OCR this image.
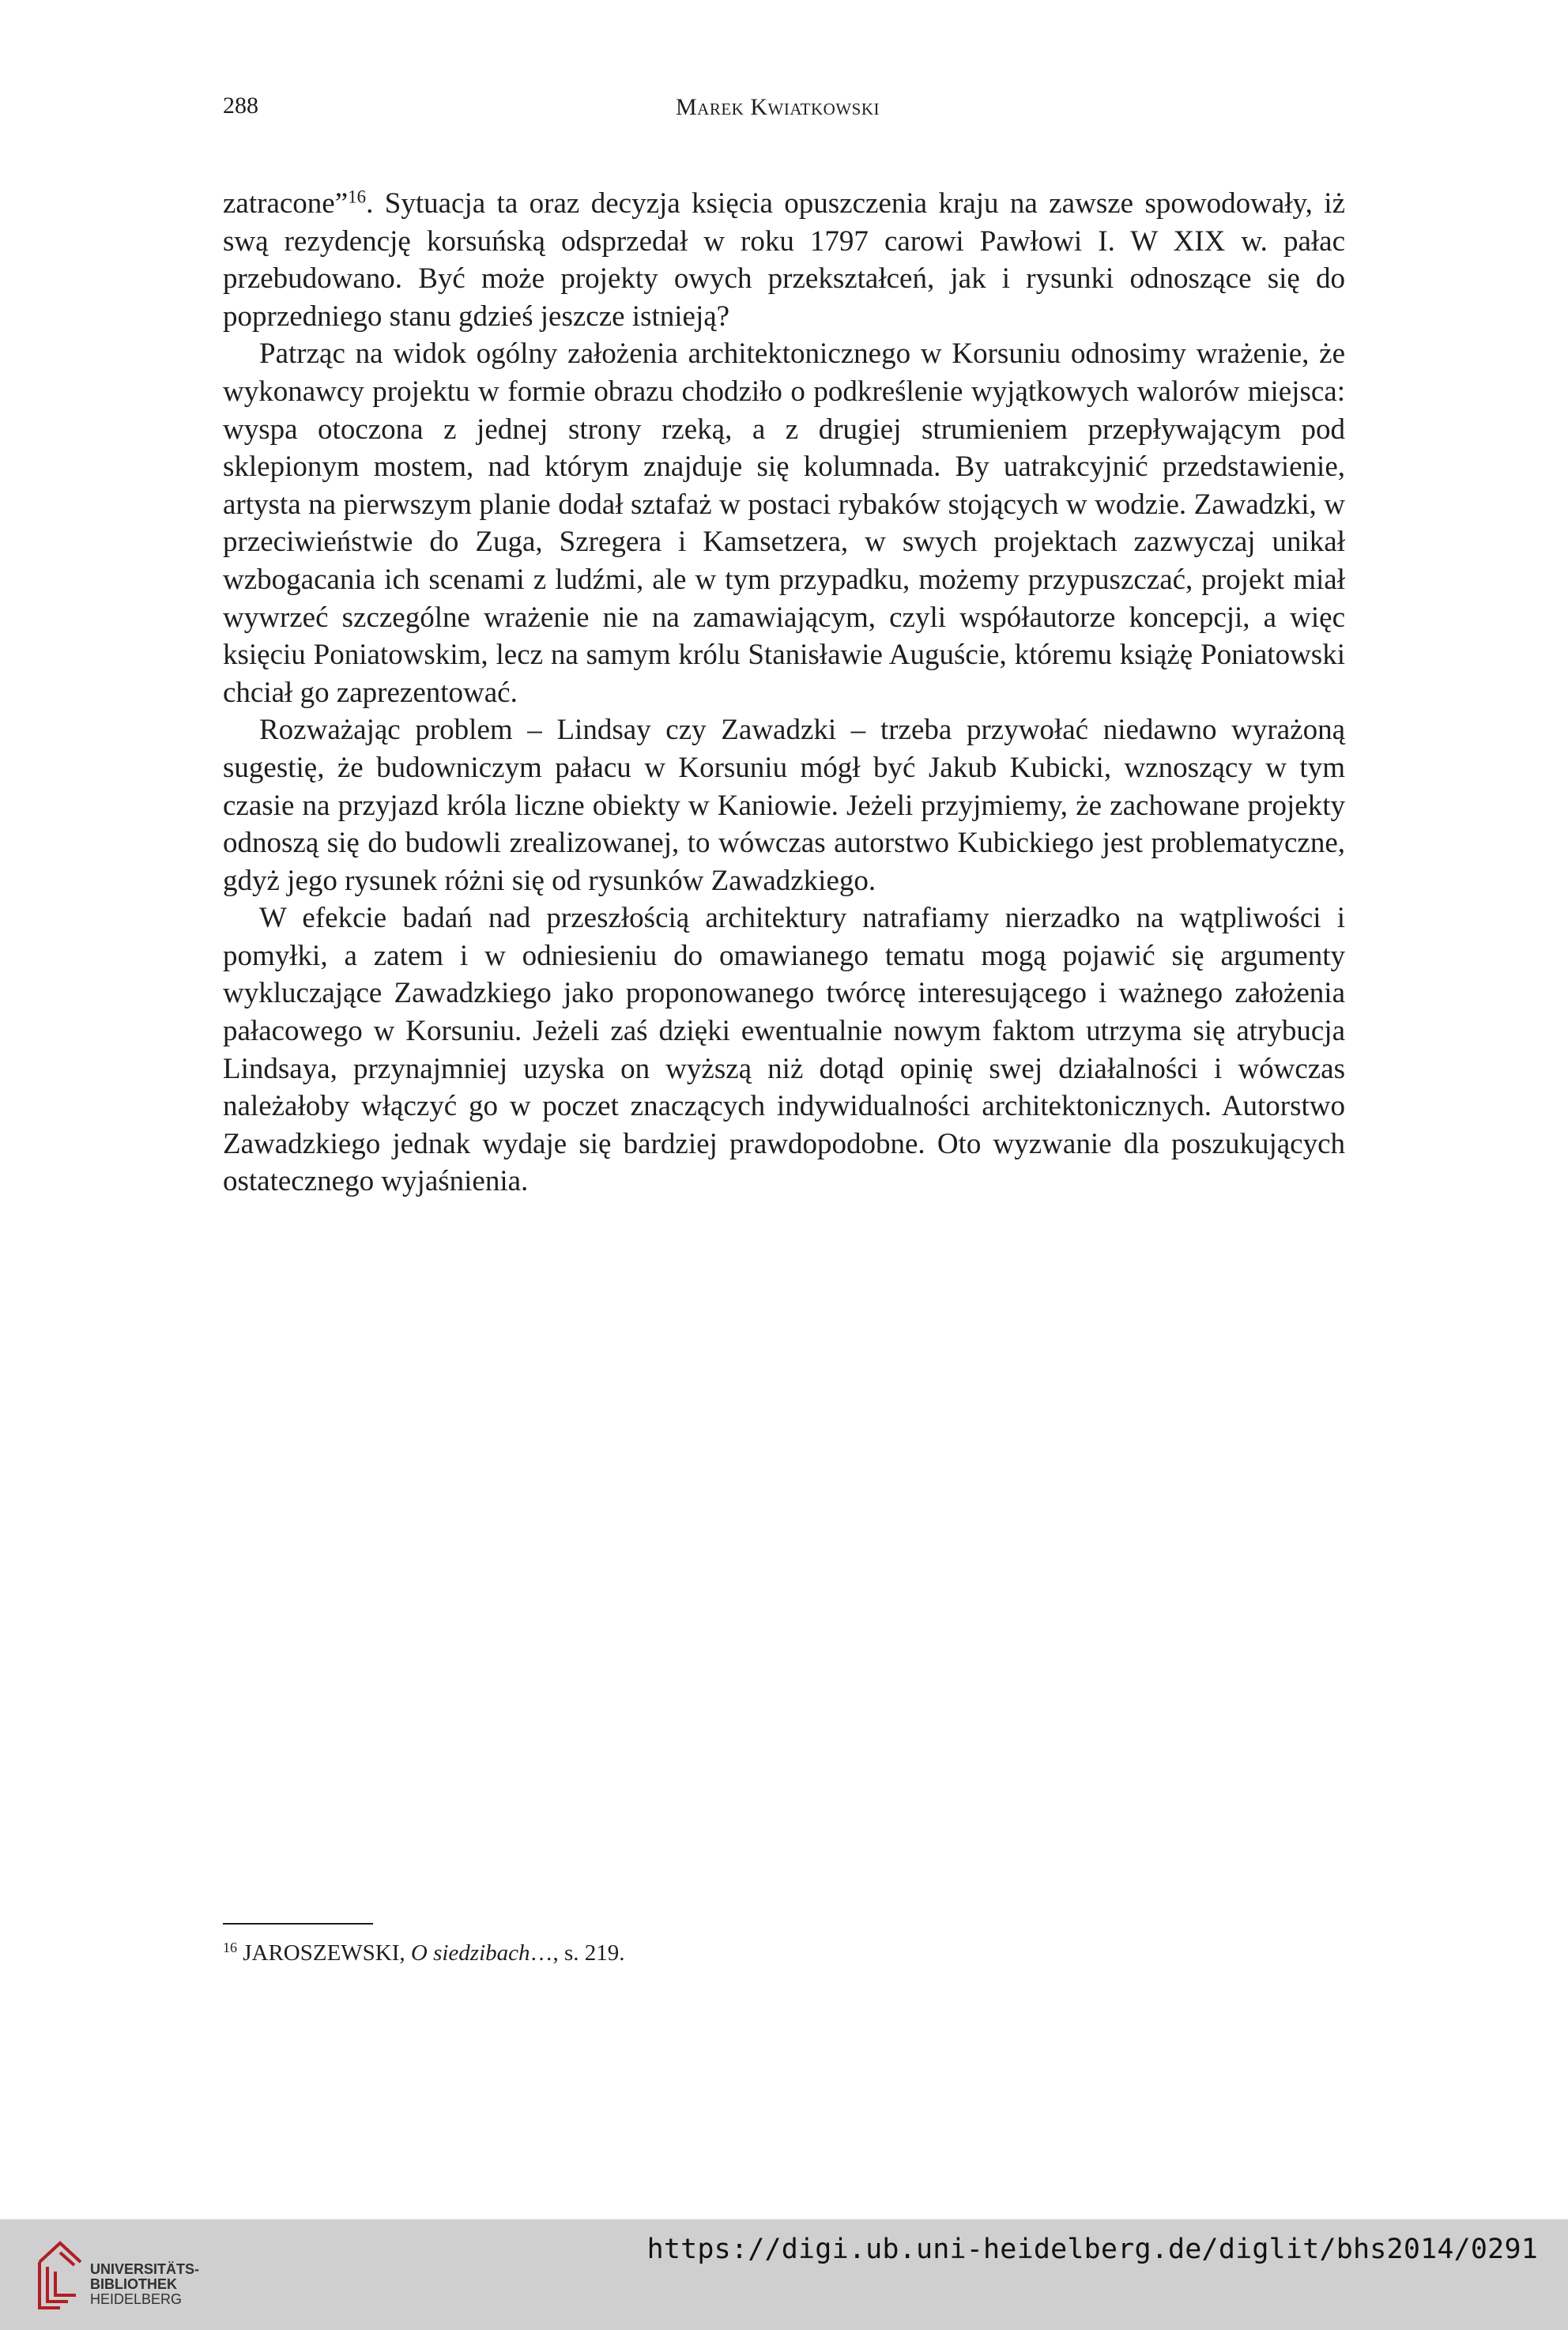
288	Marek Kwiatkowski

zatracone”$^{16}$. Sytuacja ta oraz decyzja księcia opuszczenia kraju na zawsze spowodowały, iż swą rezydencję korsuńską odsprzedał w roku 1797 carowi Pawłowi I. W XIX w. pałac przebudowano. Być może projekty owych przekształceń, jak i rysunki odnoszące się do poprzedniego stanu gdzieś jeszcze istnieją?

Patrząc na widok ogólny założenia architektonicznego w Korsuniu odnosimy wrażenie, że wykonawcy projektu w formie obrazu chodziło o podkreślenie wyjątkowych walorów miejsca: wyspa otoczona z jednej strony rzeką, a z drugiej strumieniem przepływającym pod sklepionym mostem, nad którym znajduje się kolumnada. By uatrakcyjnić przedstawienie, artysta na pierwszym planie dodał sztafaż w postaci rybaków stojących w wodzie. Zawadzki, w przeciwieństwie do Zuga, Szregera i Kamsetzera, w swych projektach zazwyczaj unikał wzbogacania ich scenami z ludźmi, ale w tym przypadku, możemy przypuszczać, projekt miał wywrzeć szczególne wrażenie nie na zamawiającym, czyli współautorze koncepcji, a więc księciu Poniatowskim, lecz na samym królu Stanisławie Auguście, któremu książę Poniatowski chciał go zaprezentować.

Rozważając problem – Lindsay czy Zawadzki – trzeba przywołać niedawno wyrażoną sugestię, że budowniczym pałacu w Korsuniu mógł być Jakub Kubicki, wznoszący w tym czasie na przyjazd króla liczne obiekty w Kaniowie. Jeżeli przyjmiemy, że zachowane projekty odnoszą się do budowli zrealizowanej, to wówczas autorstwo Kubickiego jest problematyczne, gdyż jego rysunek różni się od rysunków Zawadzkiego.

W efekcie badań nad przeszłością architektury natrafiamy nierzadko na wątpliwości i pomyłki, a zatem i w odniesieniu do omawianego tematu mogą pojawić się argumenty wykluczające Zawadzkiego jako proponowanego twórcę interesującego i ważnego założenia pałacowego w Korsuniu. Jeżeli zaś dzięki ewentualnie nowym faktom utrzyma się atrybucja Lindsaya, przynajmniej uzyska on wyższą niż dotąd opinię swej działalności i wówczas należałoby włączyć go w poczet znaczących indywidualności architektonicznych. Autorstwo Zawadzkiego jednak wydaje się bardziej prawdopodobne. Oto wyzwanie dla poszukujących ostatecznego wyjaśnienia.

$^{16}$ JAROSZEWSKI, O siedzibach…, s. 219.
UNIVERSITÄTS-
BIBLIOTHEK
HEIDELBERG
https://digi.ub.uni-heidelberg.de/diglit/bhs2014/0291
